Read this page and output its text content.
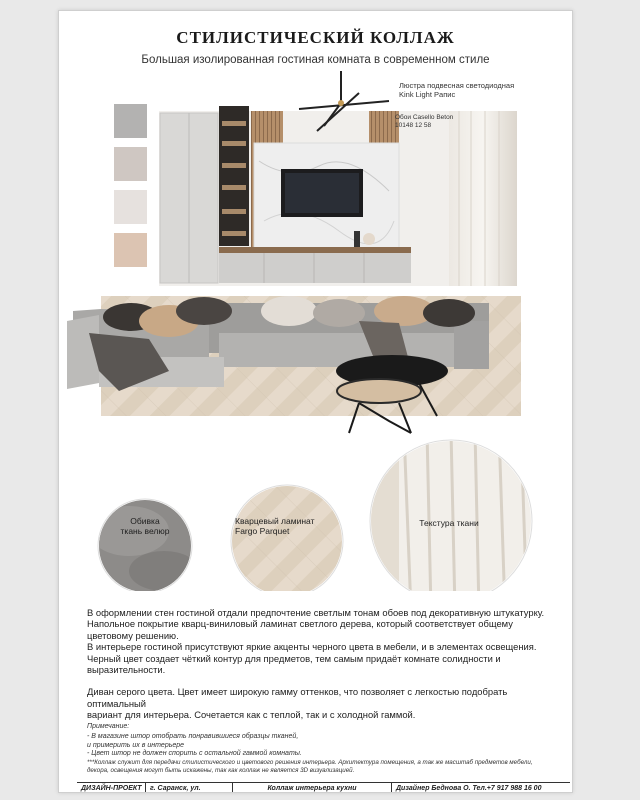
СТИЛИСТИЧЕСКИЙ КОЛЛАЖ
Большая изолированная гостиная комната в современном стиле
Люстра подвесная светодиодная
Kink Light Paпис
Обои Casello Beton
10148 12 58
Обивка
ткань велюр
Кварцевый ламинат
Fargo Parquet
Текстура ткани

В оформлении стен гостиной отдали предпочтение светлым тонам обоев под декоративную штукатурку.

Напольное покрытие кварц-виниловый ламинат светлого дерева, который соответствует общему

цветовому решению.

В интерьере гостиной присутствуют яркие акценты черного цвета в мебели, и в элементах освещения.

Черный цвет создает чёткий контур для предметов, тем самым придаёт комнате солидности и выразительности.

Диван серого цвета. Цвет имеет широкую гамму оттенков, что позволяет с легкостью подобрать оптимальный

вариант для интерьера. Сочетается как с теплой, так и с холодной гаммой.

Примечание:

- В магазине штор отобрать понравившиеся образцы тканей,

и примерить их в интерьере

- Цвет штор не должен спорить с остальной гаммой комнаты.

***Коллаж служит для передачи стилистического и цветового решения интерьера. Архитектура помещения, а так же масштаб предметов мебели,

декора, освещения могут быть искажены, так как коллаж не является 3D визуализацией.

ДИЗАЙН-ПРОЕКТ	г. Саранск, ул.	Коллаж интерьера кухни	Дизайнер Беднова О. Тел.+7 917 988 16 00
